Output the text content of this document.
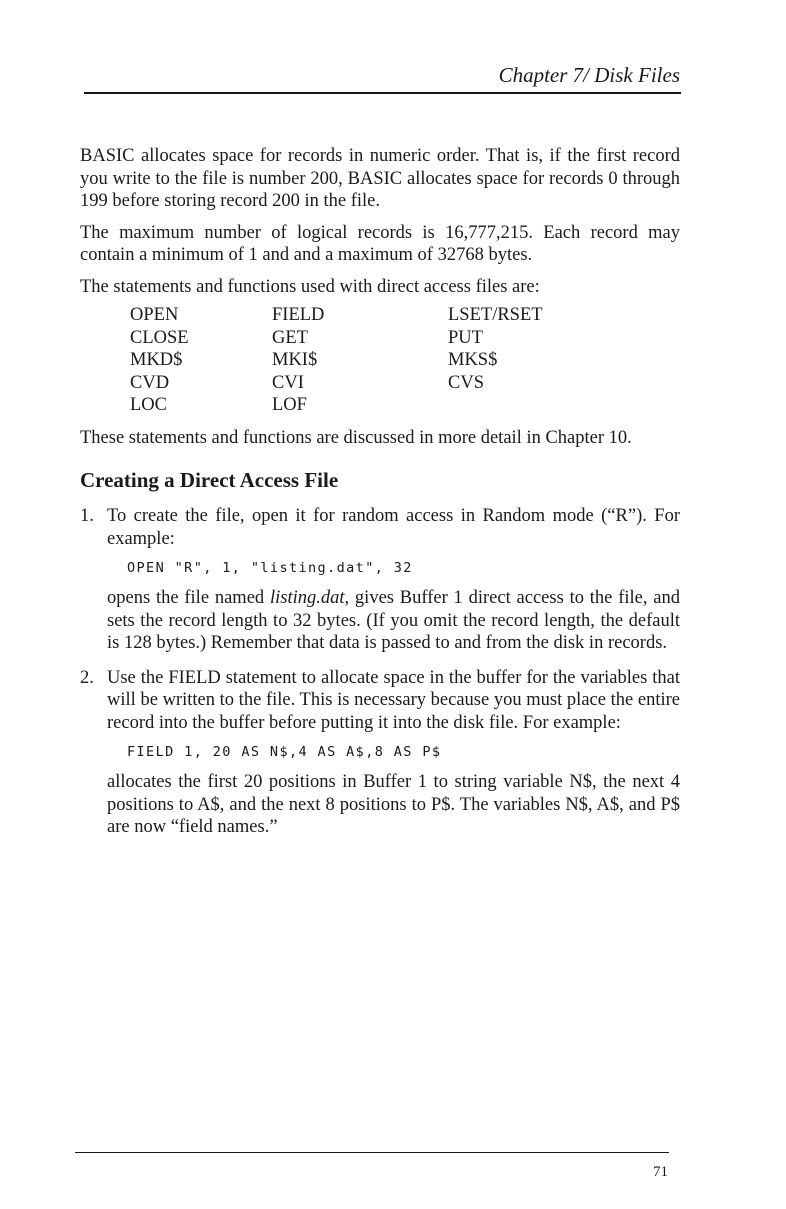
Chapter 7/ Disk Files

BASIC allocates space for records in numeric order. That is, if the first record you write to the file is number 200, BASIC allocates space for records 0 through 199 before storing record 200 in the file.

The maximum number of logical records is 16,777,215. Each record may contain a minimum of 1 and and a maximum of 32768 bytes.

The statements and functions used with direct access files are:

OPEN	FIELD	LSET/RSET
CLOSE	GET	PUT
MKD$	MKI$	MKS$
CVD	CVI	CVS
LOC	LOF	

These statements and functions are discussed in more detail in Chapter 10.

Creating a Direct Access File
1. To create the file, open it for random access in Random mode (“R”). For example:

OPEN "R", 1, "listing.dat", 32

opens the file named listing.dat, gives Buffer 1 direct access to the file, and sets the record length to 32 bytes. (If you omit the record length, the default is 128 bytes.) Remember that data is passed to and from the disk in records.

2. Use the FIELD statement to allocate space in the buffer for the variables that will be written to the file. This is necessary because you must place the entire record into the buffer before putting it into the disk file. For example:

FIELD 1, 20 AS N$,4 AS A$,8 AS P$

allocates the first 20 positions in Buffer 1 to string variable N$, the next 4 positions to A$, and the next 8 positions to P$. The variables N$, A$, and P$ are now “field names.”

71
